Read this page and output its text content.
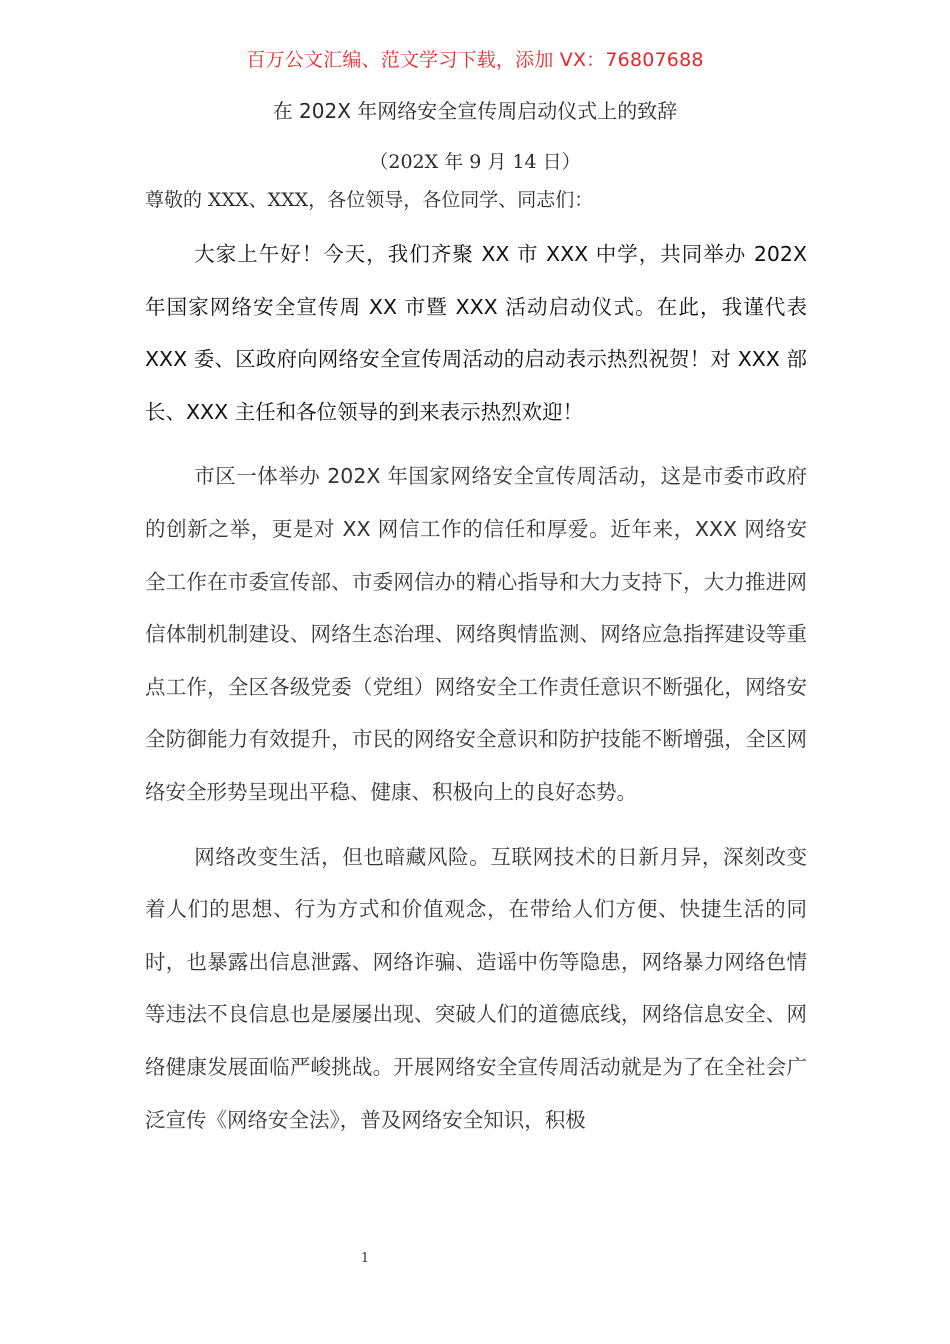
百万公文汇编、范文学习下载，添加 VX：76807688
在 202X 年网络安全宣传周启动仪式上的致辞
（202X 年 9 月 14 日）
尊敬的 XXX、XXX，各位领导，各位同学、同志们：

大家上午好！今天，我们齐聚 XX 市 XXX 中学，共同举办 202X 年国家网络安全宣传周 XX 市暨 XXX 活动启动仪式。在此，我谨代表 XXX 委、区政府向网络安全宣传周活动的启动表示热烈祝贺！对 XXX 部长、XXX 主任和各位领导的到来表示热烈欢迎！

市区一体举办 202X 年国家网络安全宣传周活动，这是市委市政府的创新之举，更是对 XX 网信工作的信任和厚爱。近年来，XXX 网络安全工作在市委宣传部、市委网信办的精心指导和大力支持下，大力推进网信体制机制建设、网络生态治理、网络舆情监测、网络应急指挥建设等重点工作，全区各级党委（党组）网络安全工作责任意识不断强化，网络安全防御能力有效提升，市民的网络安全意识和防护技能不断增强，全区网络安全形势呈现出平稳、健康、积极向上的良好态势。

网络改变生活，但也暗藏风险。互联网技术的日新月异，深刻改变着人们的思想、行为方式和价值观念，在带给人们方便、快捷生活的同时，也暴露出信息泄露、网络诈骗、造谣中伤等隐患，网络暴力网络色情等违法不良信息也是屡屡出现、突破人们的道德底线，网络信息安全、网络健康发展面临严峻挑战。开展网络安全宣传周活动就是为了在全社会广泛宣传《网络安全法》，普及网络安全知识，积极

1
